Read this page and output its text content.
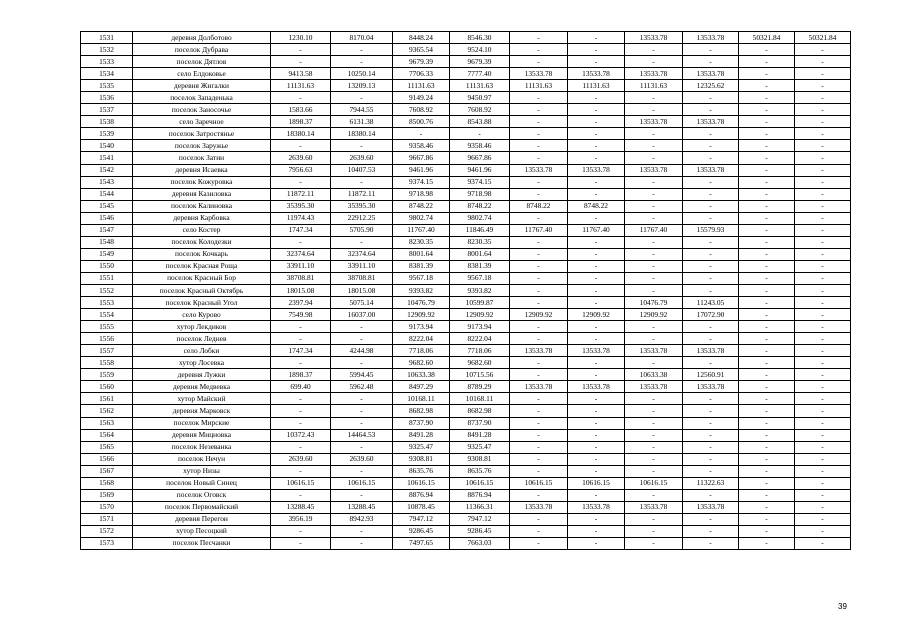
1531	деревня Долботово	1230.10	8170.04	8448.24	8546.30	-	-	13533.78	13533.78	50321.84	50321.84
1532	поселок Дубрава	-	-	9365.54	9524.10	-	-	-	-	-	-
1533	поселок Дятлов	-	-	9679.39	9679.39	-	-	-	-	-	-
1534	село Елдоковье	9413.58	10250.14	7706.33	7777.40	13533.78	13533.78	13533.78	13533.78	-	-
1535	деревня Жигалки	11131.63	13209.13	11131.63	11131.63	11131.63	11131.63	11131.63	12325.62	-	-
1536	поселок Западенька	-	-	9149.24	9450.97	-	-	-	-	-	-
1537	поселок Заносочье	1583.66	7944.55	7608.92	7608.92	-	-	-	-	-	-
1538	село Заречное	1898.37	6131.38	8500.76	8543.88	-	-	13533.78	13533.78	-	-
1539	поселок Затростянье	18380.14	18380.14	-	-	-	-	-	-	-	-
1540	поселок Заружье	-	-	9358.46	9358.46	-	-	-	-	-	-
1541	поселок Затин	2639.60	2639.60	9667.86	9667.86	-	-	-	-	-	-
1542	деревня Исаевка	7956.63	10407.53	9461.96	9461.96	13533.78	13533.78	13533.78	13533.78	-	-
1543	поселок Кожуровка	-	-	9374.15	9374.15	-	-	-	-	-	-
1544	деревня Казиловка	11872.11	11872.11	9718.98	9718.98	-	-	-	-	-	-
1545	поселок Калиновка	35395.30	35395.30	8748.22	8748.22	8748.22	8748.22	-	-	-	-
1546	деревня Карбовка	11974.43	22912.25	9802.74	9802.74	-	-	-	-	-	-
1547	село Костер	1747.34	5705.90	11767.40	11846.49	11767.40	11767.40	11767.40	15579.93	-	-
1548	поселок Колодезки	-	-	8230.35	8230.35	-	-	-	-	-	-
1549	поселок Кочкарь	32374.64	32374.64	8001.64	8001.64	-	-	-	-	-	-
1550	поселок Красная Роща	33911.10	33911.10	8381.39	8381.39	-	-	-	-	-	-
1551	поселок Красный Бор	38708.81	38708.81	9567.18	9567.18	-	-	-	-	-	-
1552	поселок Красный Октябрь	18015.08	18015.08	9393.82	9393.82	-	-	-	-	-	-
1553	поселок Красный Угол	2397.94	5075.14	10476.79	10599.87	-	-	10476.79	11243.05	-	-
1554	село Курово	7549.98	16037.00	12909.92	12909.92	12909.92	12909.92	12909.92	17072.90	-	-
1555	хутор Лекдиков	-	-	9173.94	9173.94	-	-	-	-	-	-
1556	поселок Леднев	-	-	8222.04	8222.04	-	-	-	-	-	-
1557	село Лобки	1747.34	4244.98	7718.06	7718.06	13533.78	13533.78	13533.78	13533.78	-	-
1558	хутор Лосевка	-	-	9682.60	9682.60	-	-	-	-	-	-
1559	деревня Лужки	1898.37	5994.45	10633.38	10715.56	-	-	10633.38	12560.91	-	-
1560	деревня Медвевка	699.40	5962.48	8497.29	8789.29	13533.78	13533.78	13533.78	13533.78	-	-
1561	хутор Майский	-	-	10168.11	10168.11	-	-	-	-	-	-
1562	деревня Марковск	-	-	8682.98	8682.98	-	-	-	-	-	-
1563	поселок Мирские	-	-	8737.90	8737.90	-	-	-	-	-	-
1564	деревня Мицновка	10372.43	14464.53	8491.28	8491.28	-	-	-	-	-	-
1565	поселок Незеванка	-	-	9325.47	9325.47	-	-	-	-	-	-
1566	поселок Нечун	2639.60	2639.60	9308.81	9308.81	-	-	-	-	-	-
1567	хутор Низы	-	-	8635.76	8635.76	-	-	-	-	-	-
1568	поселок Новый Синец	10616.15	10616.15	10616.15	10616.15	10616.15	10616.15	10616.15	11322.63	-	-
1569	поселок Оговск	-	-	8876.94	8876.94	-	-	-	-	-	-
1570	поселок Первомайский	13288.45	13288.45	10878.45	11366.31	13533.78	13533.78	13533.78	13533.78	-	-
1571	деревня Перегон	3956.19	8942.93	7947.12	7947.12	-	-	-	-	-	-
1572	хутор Песоцкий	-	-	9286.45	9286.45	-	-	-	-	-	-
1573	поселок Песчанки	-	-	7497.65	7663.03	-	-	-	-	-	-
39
